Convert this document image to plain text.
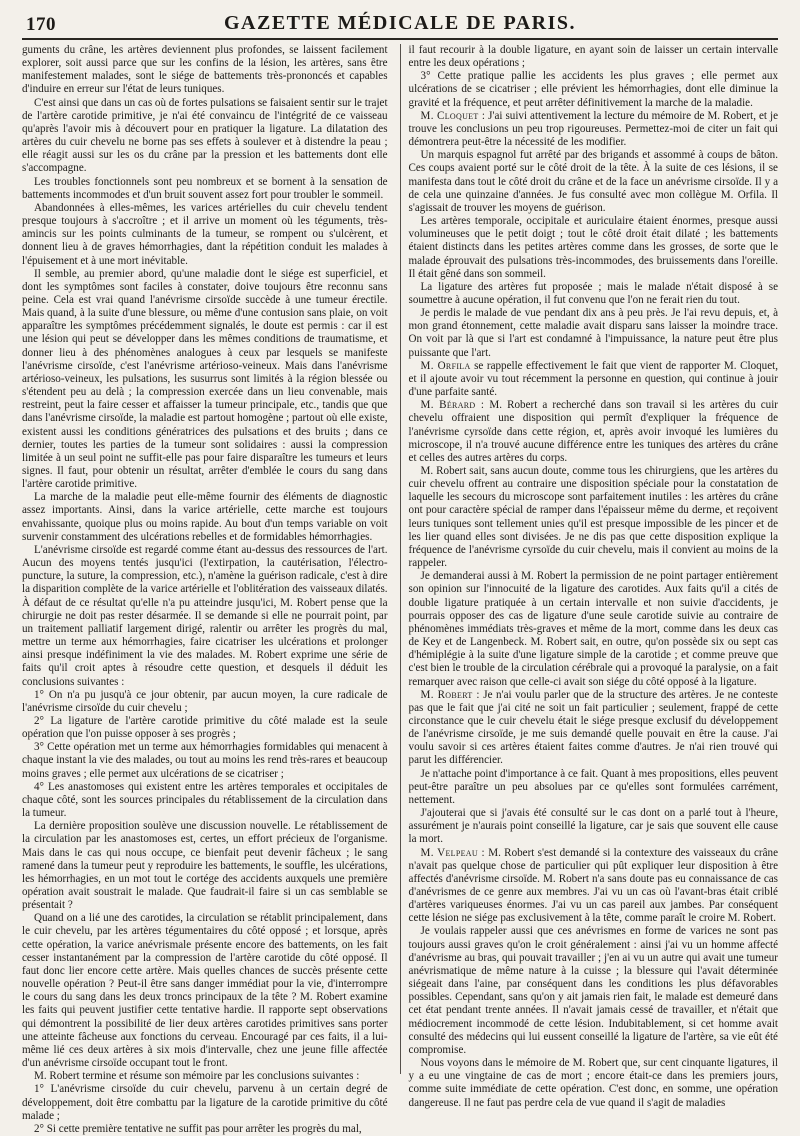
170	GAZETTE MÉDICALE DE PARIS.

guments du crâne, les artères deviennent plus profondes, se laissent facilement explorer, soit aussi parce que sur les confins de la lésion, les artères, sans être manifestement malades, sont le siége de battements très-prononcés et capables d'induire en erreur sur l'état de leurs tuniques.

C'est ainsi que dans un cas où de fortes pulsations se faisaient sentir sur le trajet de l'artère carotide primitive, je n'ai été convaincu de l'intégrité de ce vaisseau qu'après l'avoir mis à découvert pour en pratiquer la ligature. La dilatation des artères du cuir chevelu ne borne pas ses effets à soulever et à distendre la peau ; elle réagit aussi sur les os du crâne par la pression et les battements dont elle s'accompagne.

Les troubles fonctionnels sont peu nombreux et se bornent à la sensation de battements incommodes et d'un bruit souvent assez fort pour troubler le sommeil.

Abandonnées à elles-mêmes, les varices artérielles du cuir chevelu tendent presque toujours à s'accroître ; et il arrive un moment où les téguments, très-amincis sur les points culminants de la tumeur, se rompent ou s'ulcèrent, et donnent lieu à de graves hémorrhagies, dant la répétition conduit les malades à l'épuisement et à une mort inévitable.

Il semble, au premier abord, qu'une maladie dont le siége est superficiel, et dont les symptômes sont faciles à constater, doive toujours être reconnu sans peine. Cela est vrai quand l'anévrisme cirsoïde succède à une tumeur érectile. Mais quand, à la suite d'une blessure, ou même d'une contusion sans plaie, on voit apparaître les symptômes précédemment signalés, le doute est permis : car il est une lésion qui peut se développer dans les mêmes conditions de traumatisme, et donner lieu à des phénomènes analogues à ceux par lesquels se manifeste l'anévrisme cirsoïde, c'est l'anévrisme artérioso-veineux. Mais dans l'anévrisme artérioso-veineux, les pulsations, les susurrus sont limités à la région blessée ou s'étendent peu au delà ; la compression exercée dans un lieu convenable, mais restreint, peut la faire cesser et affaisser la tumeur principale, etc., tandis que que dans l'anévrisme cirsoïde, la maladie est partout homogène ; partout où elle existe, existent aussi les conditions génératrices des pulsations et des bruits ; dans ce dernier, toutes les parties de la tumeur sont solidaires : aussi la compression limitée à un seul point ne suffit-elle pas pour faire disparaître les tumeurs et leurs signes. Il faut, pour obtenir un résultat, arrêter d'emblée le cours du sang dans l'artère carotide primitive.

La marche de la maladie peut elle-même fournir des éléments de diagnostic assez importants. Ainsi, dans la varice artérielle, cette marche est toujours envahissante, quoique plus ou moins rapide. Au bout d'un temps variable on voit survenir constamment des ulcérations rebelles et de formidables hémorrhagies.

L'anévrisme cirsoïde est regardé comme étant au-dessus des ressources de l'art. Aucun des moyens tentés jusqu'ici (l'extirpation, la cautérisation, l'électro-puncture, la suture, la compression, etc.), n'amène la guérison radicale, c'est à dire la disparition complète de la varice artérielle et l'oblitération des vaisseaux dilatés. À défaut de ce résultat qu'elle n'a pu atteindre jusqu'ici, M. Robert pense que la chirurgie ne doit pas rester désarmée. Il se demande si elle ne pourrait point, par un traitement palliatif largement dirigé, ralentir ou arrêter les progrès du mal, mettre un terme aux hémorrhagies, faire cicatriser les ulcérations et prolonger ainsi presque indéfiniment la vie des malades. M. Robert exprime une série de faits qu'il croit aptes à résoudre cette question, et desquels il déduit les conclusions suivantes :

1° On n'a pu jusqu'à ce jour obtenir, par aucun moyen, la cure radicale de l'anévrisme cirsoïde du cuir chevelu ;

2° La ligature de l'artère carotide primitive du côté malade est la seule opération que l'on puisse opposer à ses progrès ;

3° Cette opération met un terme aux hémorrhagies formidables qui menacent à chaque instant la vie des malades, ou tout au moins les rend très-rares et beaucoup moins graves ; elle permet aux ulcérations de se cicatriser ;

4° Les anastomoses qui existent entre les artères temporales et occipitales de chaque côté, sont les sources principales du rétablissement de la circulation dans la tumeur.

La dernière proposition soulève une discussion nouvelle. Le rétablissement de la circulation par les anastomoses est, certes, un effort précieux de l'organisme. Mais dans le cas qui nous occupe, ce bienfait peut devenir fâcheux ; le sang ramené dans la tumeur peut y reproduire les battements, le souffle, les ulcérations, les hémorrhagies, en un mot tout le cortége des accidents auxquels une première opération avait soustrait le malade. Que faudrait-il faire si un cas semblable se présentait ?

Quand on a lié une des carotides, la circulation se rétablit principalement, dans le cuir chevelu, par les artères tégumentaires du côté opposé ; et lorsque, après cette opération, la varice anévrismale présente encore des battements, on les fait cesser instantanément par la compression de l'artère carotide du côté opposé. Il faut donc lier encore cette artère. Mais quelles chances de succès présente cette nouvelle opération ? Peut-il être sans danger immédiat pour la vie, d'interrompre le cours du sang dans les deux troncs principaux de la tête ? M. Robert examine les faits qui peuvent justifier cette tentative hardie. Il rapporte sept observations qui démontrent la possibilité de lier deux artères carotides primitives sans porter une atteinte fâcheuse aux fonctions du cerveau. Encouragé par ces faits, il a lui-même lié ces deux artères à six mois d'intervalle, chez une jeune fille affectée d'un anévrisme cirsoïde occupant tout le front.

M. Robert termine et résume son mémoire par les conclusions suivantes :

1° L'anévrisme cirsoïde du cuir chevelu, parvenu à un certain degré de développement, doit être combattu par la ligature de la carotide primitive du côté malade ;

2° Si cette première tentative ne suffit pas pour arrêter les progrès du mal,

il faut recourir à la double ligature, en ayant soin de laisser un certain intervalle entre les deux opérations ;

3° Cette pratique pallie les accidents les plus graves ; elle permet aux ulcérations de se cicatriser ; elle prévient les hémorrhagies, dont elle diminue la gravité et la fréquence, et peut arrêter définitivement la marche de la maladie.

M. Cloquet : J'ai suivi attentivement la lecture du mémoire de M. Robert, et je trouve les conclusions un peu trop rigoureuses. Permettez-moi de citer un fait qui démontrera peut-être la nécessité de les modifier.

Un marquis espagnol fut arrêté par des brigands et assommé à coups de bâton. Ces coups avaient porté sur le côté droit de la tête. À la suite de ces lésions, il se manifesta dans tout le côté droit du crâne et de la face un anévrisme cirsoïde. Il y a de cela une quinzaine d'années. Je fus consulté avec mon collègue M. Orfila. Il s'agissait de trouver les moyens de guérison.

Les artères temporale, occipitale et auriculaire étaient énormes, presque aussi volumineuses que le petit doigt ; tout le côté droit était dilaté ; les battements étaient distincts dans les petites artères comme dans les grosses, de sorte que le malade éprouvait des pulsations très-incommodes, des bruissements dans l'oreille. Il était gêné dans son sommeil.

La ligature des artères fut proposée ; mais le malade n'était disposé à se soumettre à aucune opération, il fut convenu que l'on ne ferait rien du tout.

Je perdis le malade de vue pendant dix ans à peu près. Je l'ai revu depuis, et, à mon grand étonnement, cette maladie avait disparu sans laisser la moindre trace. On voit par là que si l'art est condamné à l'impuissance, la nature peut être plus puissante que l'art.

M. Orfila se rappelle effectivement le fait que vient de rapporter M. Cloquet, et il ajoute avoir vu tout récemment la personne en question, qui continue à jouir d'une parfaite santé.

M. Bérard : M. Robert a recherché dans son travail si les artères du cuir chevelu offraient une disposition qui permît d'expliquer la fréquence de l'anévrisme cyrsoïde dans cette région, et, après avoir invoqué les lumières du microscope, il n'a trouvé aucune différence entre les tuniques des artères du crâne et celles des autres artères du corps.

M. Robert sait, sans aucun doute, comme tous les chirurgiens, que les artères du cuir chevelu offrent au contraire une disposition spéciale pour la constatation de laquelle les secours du microscope sont parfaitement inutiles : les artères du crâne ont pour caractère spécial de ramper dans l'épaisseur même du derme, et reçoivent leurs tuniques sont tellement unies qu'il est presque impossible de les pincer et de les lier quand elles sont divisées. Je ne dis pas que cette disposition explique la fréquence de l'anévrisme cyrsoïde du cuir chevelu, mais il convient au moins de la rappeler.

Je demanderai aussi à M. Robert la permission de ne point partager entièrement son opinion sur l'innocuité de la ligature des carotides. Aux faits qu'il a cités de double ligature pratiquée à un certain intervalle et non suivie d'accidents, je pourrais opposer des cas de ligature d'une seule carotide suivie au contraire de phénomènes immédiats très-graves et même de la mort, comme dans les deux cas de Key et de Langenbeck. M. Robert sait, en outre, qu'on possède six ou sept cas d'hémiplégie à la suite d'une ligature simple de la carotide ; et comme preuve que c'est bien le trouble de la circulation cérébrale qui a provoqué la paralysie, on a fait remarquer avec raison que celle-ci avait son siége du côté opposé à la ligature.

M. Robert : Je n'ai voulu parler que de la structure des artères. Je ne conteste pas que le fait que j'ai cité ne soit un fait particulier ; seulement, frappé de cette circonstance que le cuir chevelu était le siége presque exclusif du développement de l'anévrisme cirsoïde, je me suis demandé quelle pouvait en être la cause. J'ai voulu savoir si ces artères étaient faites comme d'autres. Je n'ai rien trouvé qui parut les différencier.

Je n'attache point d'importance à ce fait. Quant à mes propositions, elles peuvent peut-être paraître un peu absolues par ce qu'elles sont formulées carrément, nettement.

J'ajouterai que si j'avais été consulté sur le cas dont on a parlé tout à l'heure, assurément je n'aurais point conseillé la ligature, car je sais que souvent elle cause la mort.

M. Velpeau : M. Robert s'est demandé si la contexture des vaisseaux du crâne n'avait pas quelque chose de particulier qui pût expliquer leur disposition à être affectés d'anévrisme cirsoïde. M. Robert n'a sans doute pas eu connaissance de cas d'anévrismes de ce genre aux membres. J'ai vu un cas où l'avant-bras était criblé d'artères variqueuses énormes. J'ai vu un cas pareil aux jambes. Par conséquent cette lésion ne siége pas exclusivement à la tête, comme paraît le croire M. Robert.

Je voulais rappeler aussi que ces anévrismes en forme de varices ne sont pas toujours aussi graves qu'on le croit généralement : ainsi j'ai vu un homme affecté d'anévrisme au bras, qui pouvait travailler ; j'en ai vu un autre qui avait une tumeur anévrismatique de même nature à la cuisse ; la blessure qui l'avait déterminée siégeait dans l'aine, par conséquent dans les conditions les plus défavorables possibles. Cependant, sans qu'on y ait jamais rien fait, le malade est demeuré dans cet état pendant trente années. Il n'avait jamais cessé de travailler, et n'était que médiocrement incommodé de cette lésion. Indubitablement, si cet homme avait consulté des médecins qui lui eussent conseillé la ligature de l'artère, sa vie eût été compromise.

Nous voyons dans le mémoire de M. Robert que, sur cent cinquante ligatures, il y a eu une vingtaine de cas de mort ; encore était-ce dans les premiers jours, comme suite immédiate de cette opération. C'est donc, en somme, une opération dangereuse. Il ne faut pas perdre cela de vue quand il s'agit de maladies
